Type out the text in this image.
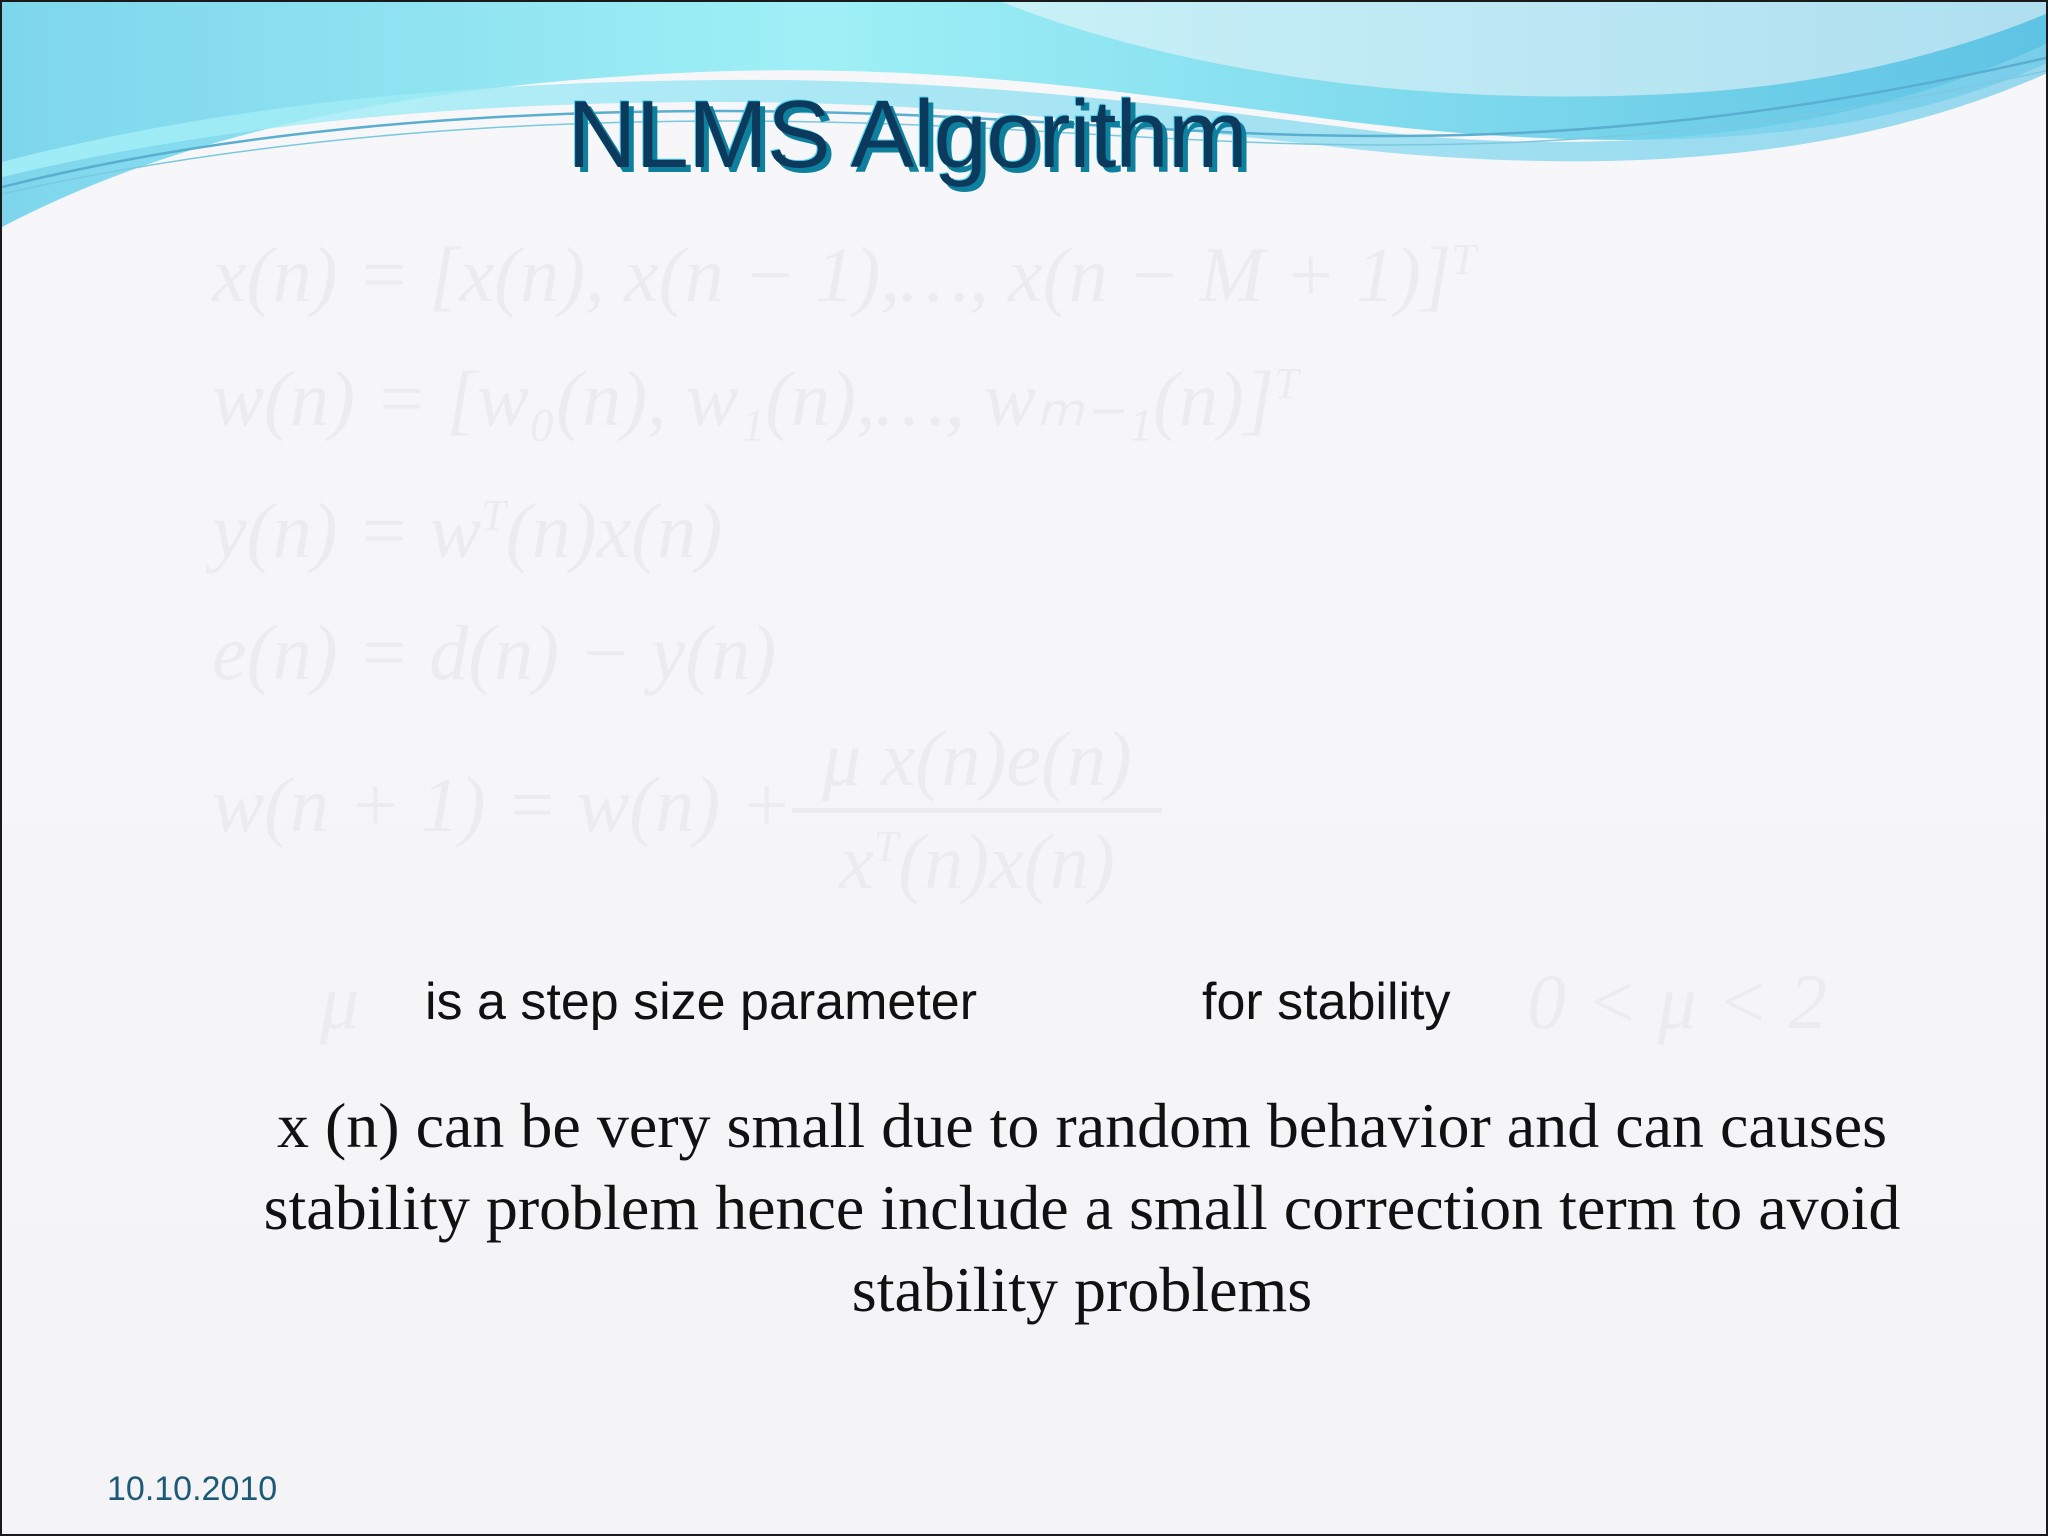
NLMS Algorithm
x(n) = [x(n), x(n − 1),…, x(n − M + 1)]$^T$
w(n) = [w₀(n), w₁(n),…, wₘ₋₁(n)]$^T$
$y(n) = w^T(n)x(n)$
e(n) = d(n) − y(n)
w(n + 1) = w(n) +
μ x(n)e(n)
$x^T(n)x(n)$
μ is a step size parameter	for stability 0 < μ < 2
x (n) can be very small due to random behavior and can causes
stability problem hence include a small correction term to avoid
stability problems
10.10.2010
